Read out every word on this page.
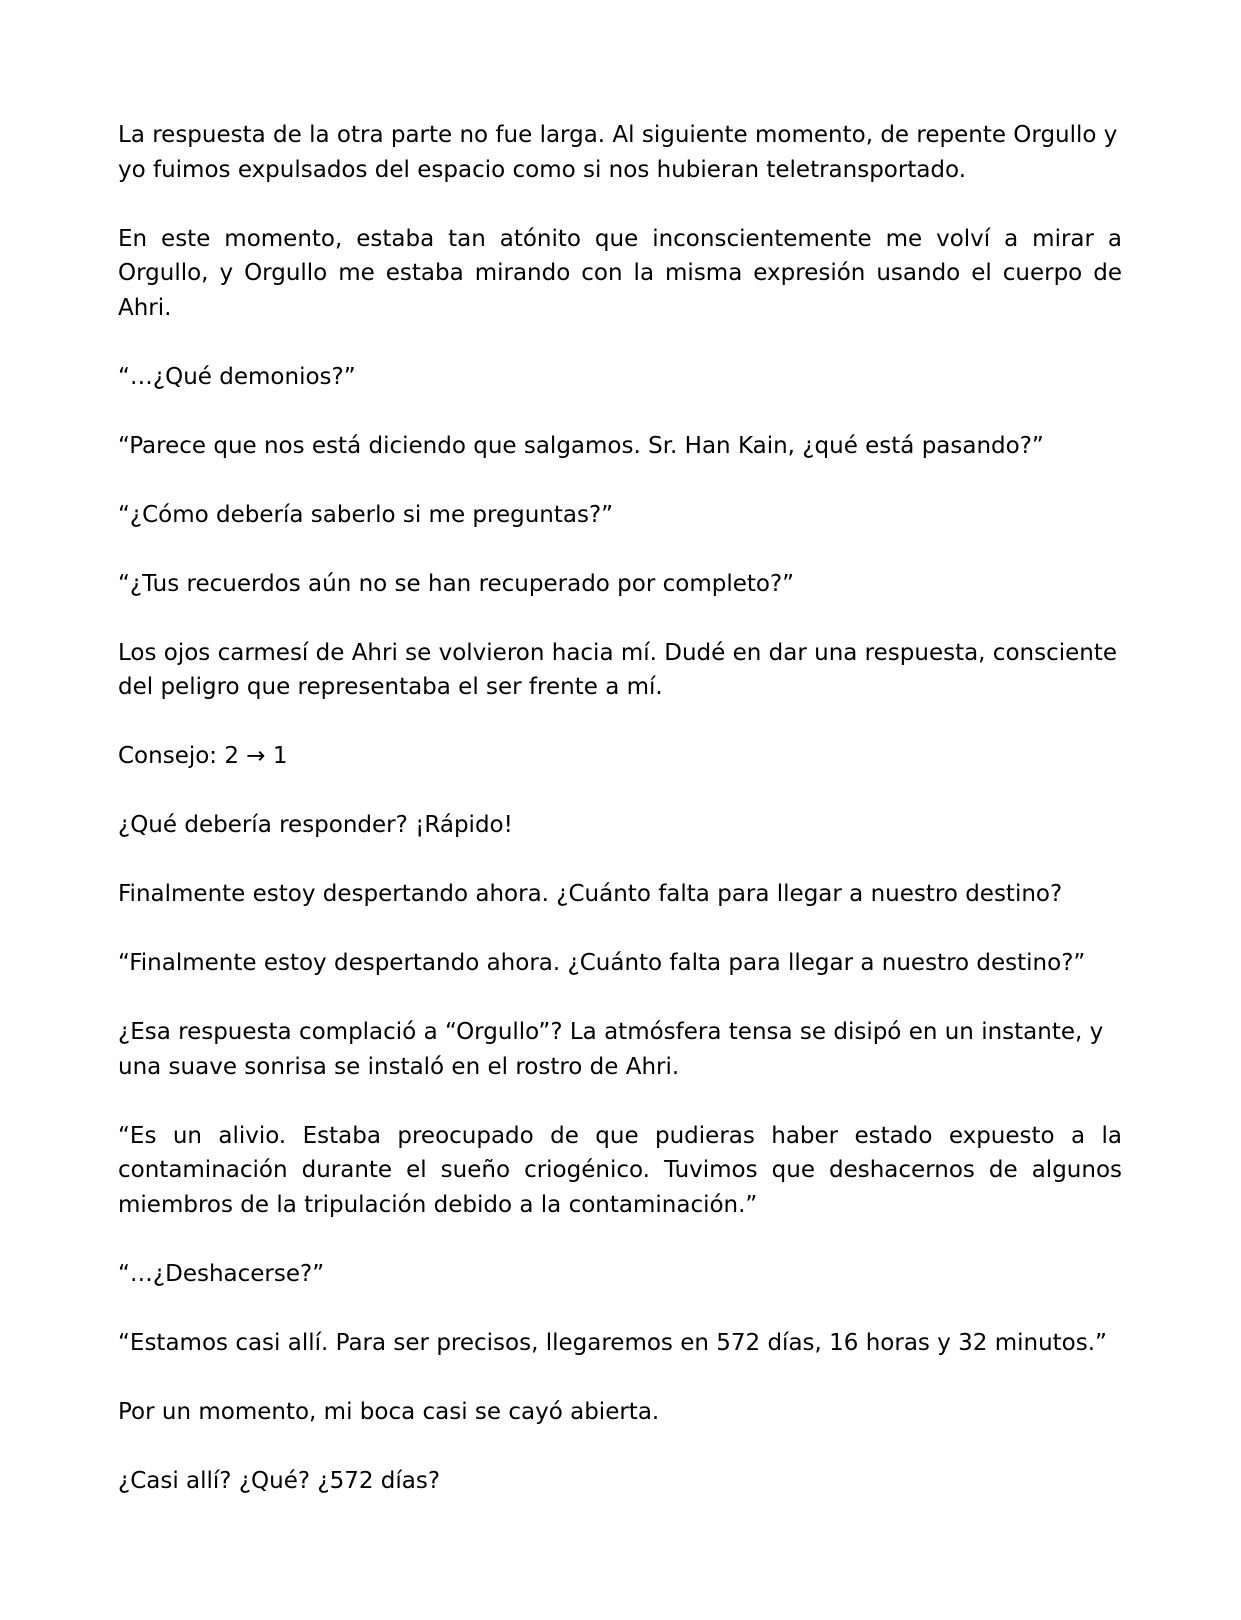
La respuesta de la otra parte no fue larga. Al siguiente momento, de repente Orgullo y yo fuimos expulsados del espacio como si nos hubieran teletransportado.

En este momento, estaba tan atónito que inconscientemente me volví a mirar a Orgullo, y Orgullo me estaba mirando con la misma expresión usando el cuerpo de Ahri.

“…¿Qué demonios?”

“Parece que nos está diciendo que salgamos. Sr. Han Kain, ¿qué está pasando?”

“¿Cómo debería saberlo si me preguntas?”

“¿Tus recuerdos aún no se han recuperado por completo?”

Los ojos carmesí de Ahri se volvieron hacia mí. Dudé en dar una respuesta, consciente del peligro que representaba el ser frente a mí.

Consejo: 2 → 1

¿Qué debería responder? ¡Rápido!

Finalmente estoy despertando ahora. ¿Cuánto falta para llegar a nuestro destino?

“Finalmente estoy despertando ahora. ¿Cuánto falta para llegar a nuestro destino?”

¿Esa respuesta complació a “Orgullo”? La atmósfera tensa se disipó en un instante, y una suave sonrisa se instaló en el rostro de Ahri.

“Es un alivio. Estaba preocupado de que pudieras haber estado expuesto a la contaminación durante el sueño criogénico. Tuvimos que deshacernos de algunos miembros de la tripulación debido a la contaminación.”

“…¿Deshacerse?”

“Estamos casi allí. Para ser precisos, llegaremos en 572 días, 16 horas y 32 minutos.”

Por un momento, mi boca casi se cayó abierta.

¿Casi allí? ¿Qué? ¿572 días?
